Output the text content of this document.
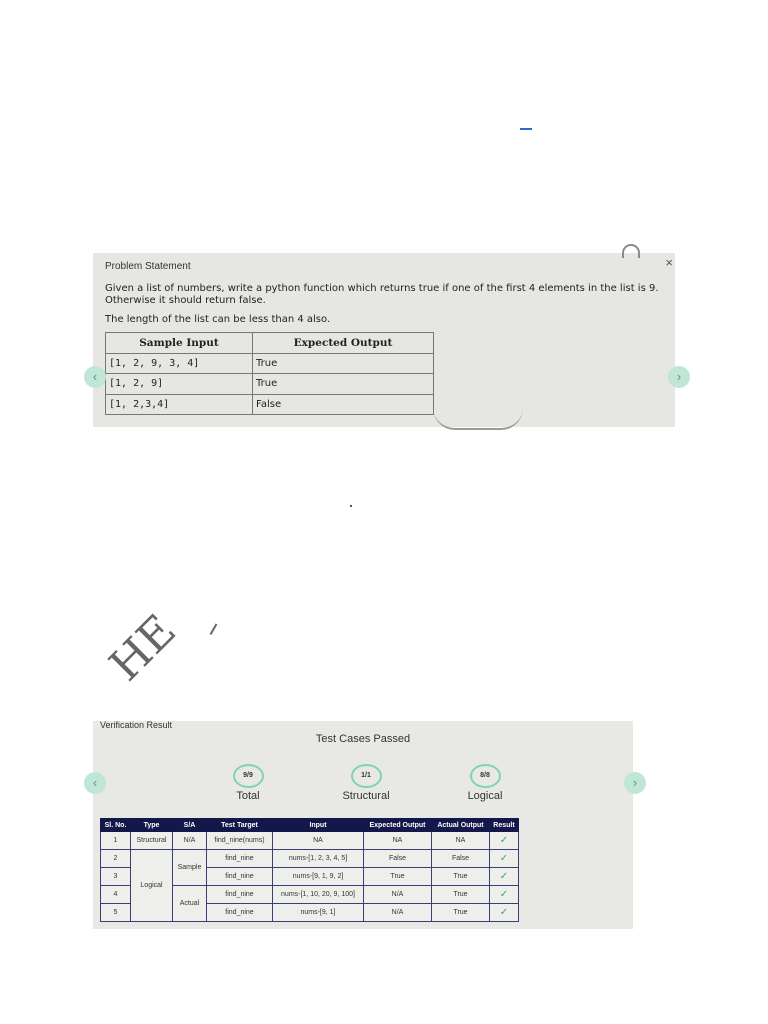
Problem Statement	×
Given a list of numbers, write a python function which returns true if one of the first 4 elements in the list is 9. Otherwise it should return false.
The length of the list can be less than 4 also.
Sample Input	Expected Output
[1, 2, 9, 3, 4]	True
[1, 2, 9]	True
[1, 2,3,4]	False
‹	›
HE
Verification Result
Test Cases Passed
9/9
Total
1/1
Structural
8/8
Logical
Sl. No.	Type	S/A	Test Target	Input	Expected Output	Actual Output	Result
1	Structural	N/A	find_nine(nums)	NA	NA	NA	✓
2	Logical	Sample	find_nine	nums-[1, 2, 3, 4, 5]	False	False	✓
3			find_nine	nums-[9, 1, 9, 2]	True	True	✓
4		Actual	find_nine	nums-[1, 10, 20, 9, 100]	N/A	True	✓
5			find_nine	nums-[9, 1]	N/A	True	✓
‹	›
